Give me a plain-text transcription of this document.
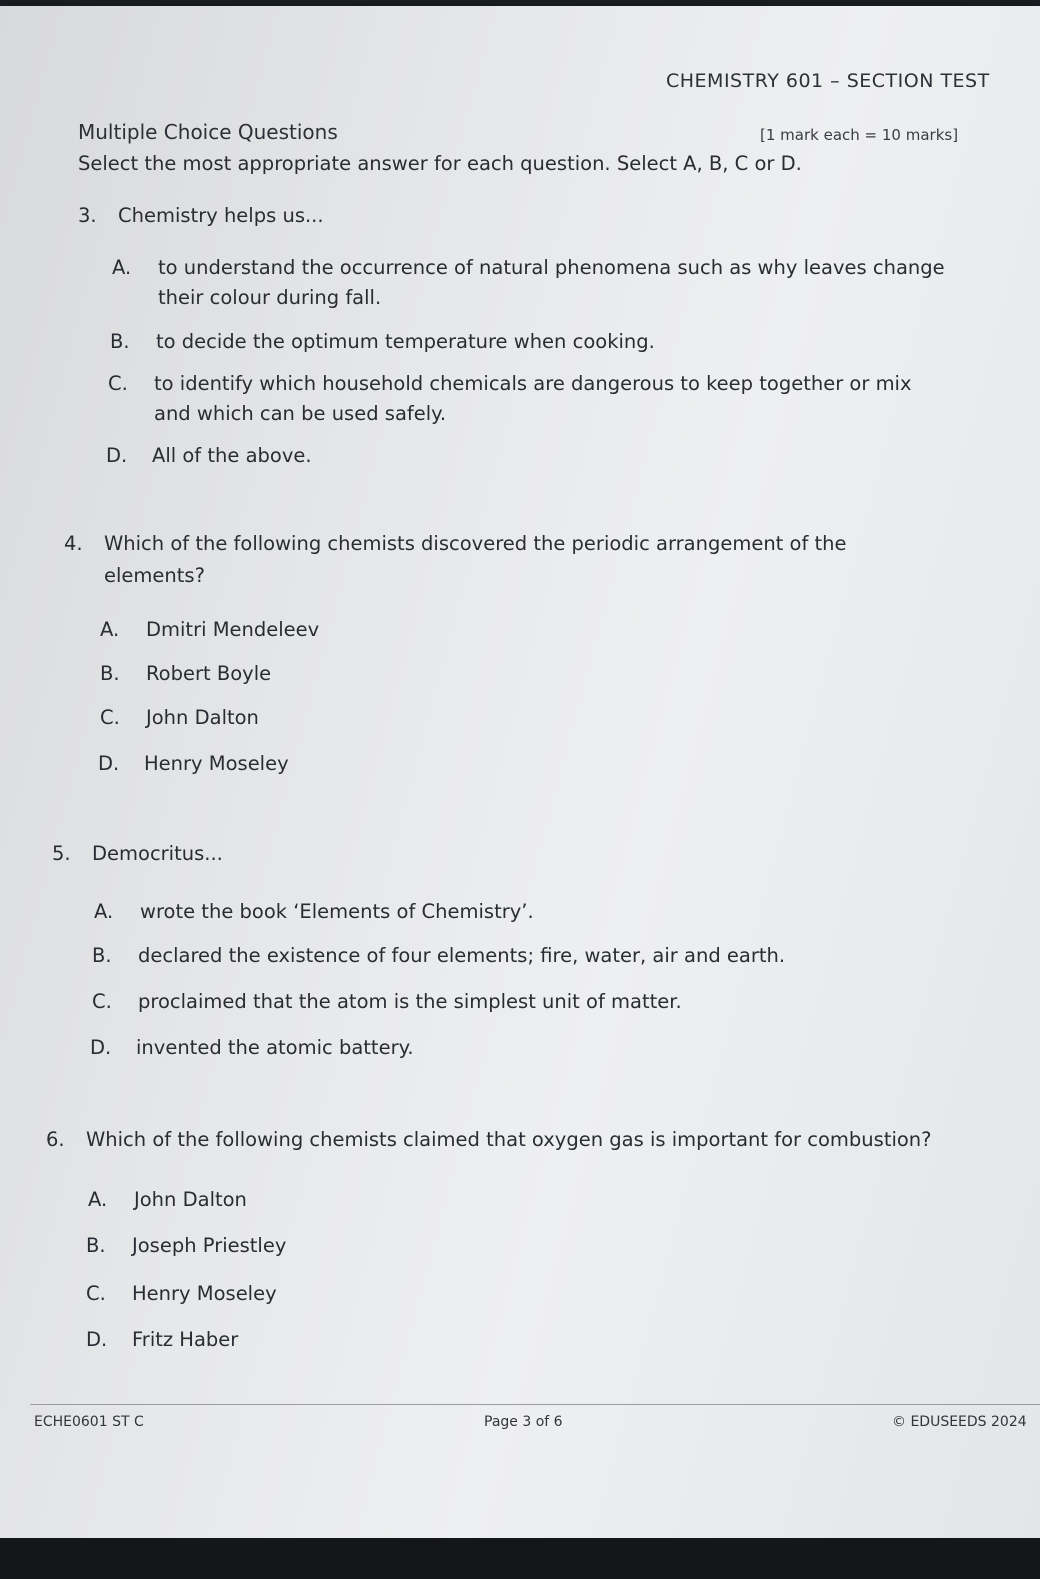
CHEMISTRY 601 – SECTION TEST
Multiple Choice Questions	[1 mark each = 10 marks]
Select the most appropriate answer for each question. Select A, B, C or D.
3. Chemistry helps us...
A. to understand the occurrence of natural phenomena such as why leaves change
their colour during fall.
B. to decide the optimum temperature when cooking.
C. to identify which household chemicals are dangerous to keep together or mix
and which can be used safely.
D. All of the above.
4. Which of the following chemists discovered the periodic arrangement of the
elements?
A. Dmitri Mendeleev
B. Robert Boyle
C. John Dalton
D. Henry Moseley
5. Democritus...
A. wrote the book ‘Elements of Chemistry’.
B. declared the existence of four elements; fire, water, air and earth.
C. proclaimed that the atom is the simplest unit of matter.
D. invented the atomic battery.
6. Which of the following chemists claimed that oxygen gas is important for combustion?
A. John Dalton
B. Joseph Priestley
C. Henry Moseley
D. Fritz Haber
ECHE0601 ST C	Page 3 of 6	© EDUSEEDS 2024
